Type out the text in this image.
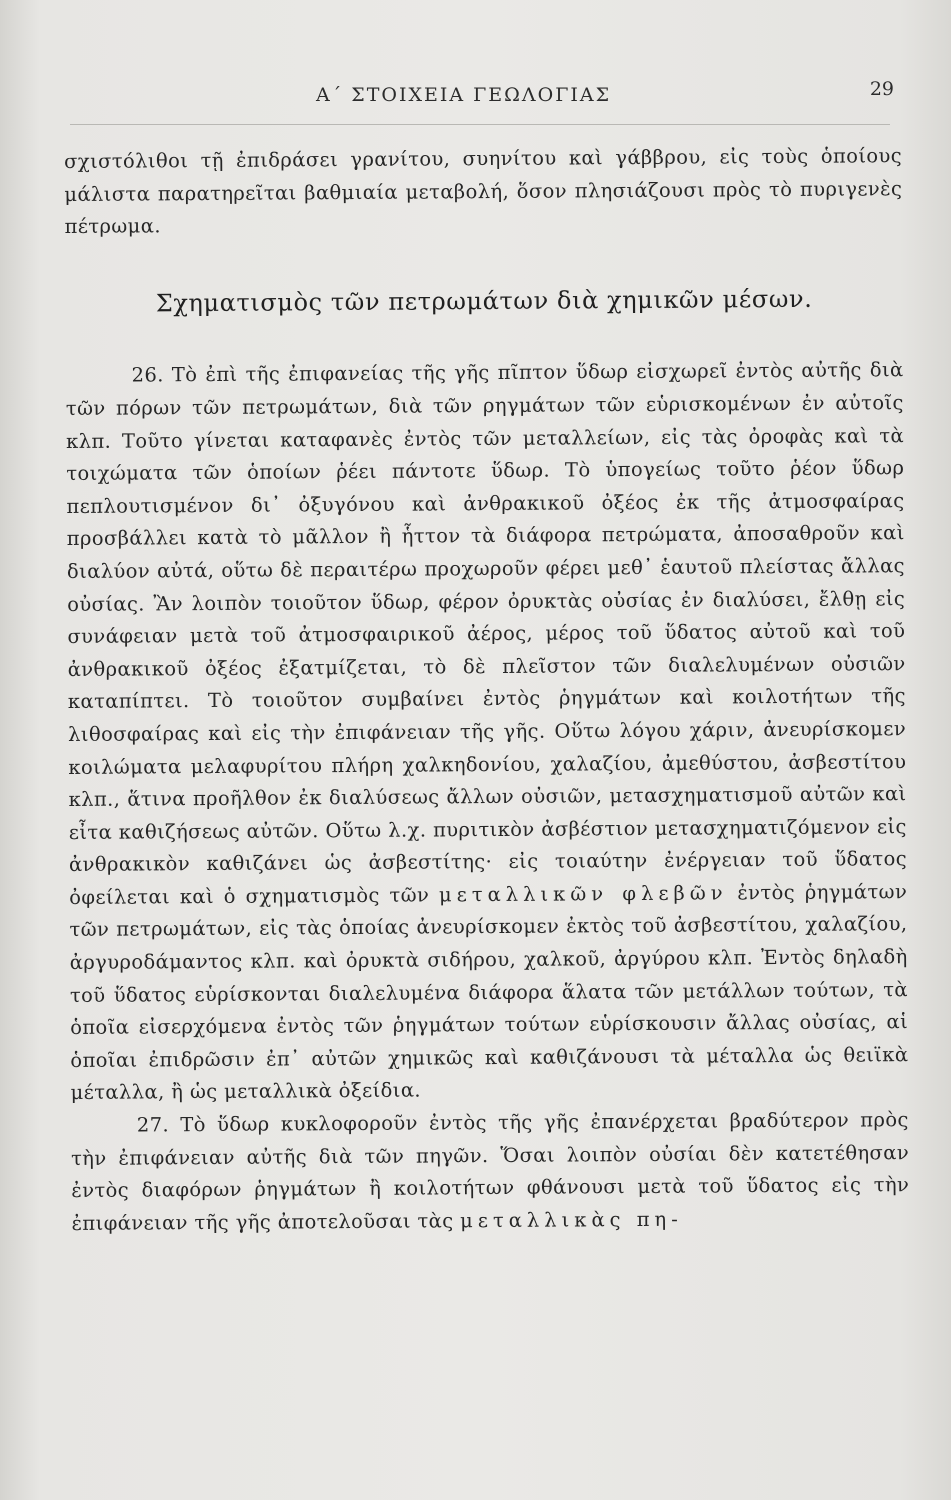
Α΄ ΣΤΟΙΧΕΙΑ ΓΕΩΛΟΓΙΑΣ	29

σχιστόλιθοι τῇ ἐπιδράσει γρανίτου, συηνίτου καὶ γάββρου, εἰς τοὺς ὁποίους μάλιστα παρατηρεῖται βαθμιαία μεταβολή, ὅσον πλησιάζουσι πρὸς τὸ πυριγενὲς πέτρωμα.

Σχηματισμὸς τῶν πετρωμάτων διὰ χημικῶν μέσων.

26. Τὸ ἐπὶ τῆς ἐπιφανείας τῆς γῆς πῖπτον ὕδωρ εἰσχωρεῖ ἐντὸς αὐτῆς διὰ τῶν πόρων τῶν πετρωμάτων, διὰ τῶν ρηγμάτων τῶν εὑρισκομένων ἐν αὐτοῖς κλπ. Τοῦτο γίνεται καταφανὲς ἐντὸς τῶν μεταλλείων, εἰς τὰς ὀροφὰς καὶ τὰ τοιχώματα τῶν ὁποίων ῥέει πάντοτε ὕδωρ. Τὸ ὑπογείως τοῦτο ῥέον ὕδωρ πεπλουτισμένον δι᾽ ὀξυγόνου καὶ ἀνθρακικοῦ ὀξέος ἐκ τῆς ἀτμοσφαίρας προσβάλλει κατὰ τὸ μᾶλλον ἢ ἧττον τὰ διάφορα πετρώματα, ἀποσαθροῦν καὶ διαλύον αὐτά, οὕτω δὲ περαιτέρω προχωροῦν φέρει μεθ᾽ ἑαυτοῦ πλείστας ἄλλας οὐσίας. Ἂν λοιπὸν τοιοῦτον ὕδωρ, φέρον ὀρυκτὰς οὐσίας ἐν διαλύσει, ἔλθῃ εἰς συνάφειαν μετὰ τοῦ ἀτμοσφαιρικοῦ ἀέρος, μέρος τοῦ ὕδατος αὐτοῦ καὶ τοῦ ἀνθρακικοῦ ὀξέος ἐξατμίζεται, τὸ δὲ πλεῖστον τῶν διαλελυμένων οὐσιῶν καταπίπτει. Τὸ τοιοῦτον συμβαίνει ἐντὸς ῥηγμάτων καὶ κοιλοτήτων τῆς λιθοσφαίρας καὶ εἰς τὴν ἐπιφάνειαν τῆς γῆς. Οὕτω λόγου χάριν, ἀνευρίσκομεν κοιλώματα μελαφυρίτου πλήρη χαλκηδονίου, χαλαζίου, ἀμεθύστου, ἀσβεστίτου κλπ., ἅτινα προῆλθον ἐκ διαλύσεως ἄλλων οὐσιῶν, μετασχηματισμοῦ αὐτῶν καὶ εἶτα καθιζήσεως αὐτῶν. Οὕτω λ.χ. πυριτικὸν ἀσβέστιον μετασχηματιζόμενον εἰς ἀνθρακικὸν καθιζάνει ὡς ἀσβεστίτης· εἰς τοιαύτην ἐνέργειαν τοῦ ὕδατος ὀφείλεται καὶ ὁ σχηματισμὸς τῶν μεταλλικῶν φλεβῶν ἐντὸς ῥηγμάτων τῶν πετρωμάτων, εἰς τὰς ὁποίας ἀνευρίσκομεν ἐκτὸς τοῦ ἀσβεστίτου, χαλαζίου, ἀργυροδάμαντος κλπ. καὶ ὀρυκτὰ σιδήρου, χαλκοῦ, ἀργύρου κλπ. Ἐντὸς δηλαδὴ τοῦ ὕδατος εὑρίσκονται διαλελυμένα διάφορα ἅλατα τῶν μετάλλων τούτων, τὰ ὁποῖα εἰσερχόμενα ἐντὸς τῶν ῥηγμάτων τούτων εὑρίσκουσιν ἄλλας οὐσίας, αἱ ὁποῖαι ἐπιδρῶσιν ἐπ᾽ αὐτῶν χημικῶς καὶ καθιζάνουσι τὰ μέταλλα ὡς θειϊκὰ μέταλλα, ἢ ὡς μεταλλικὰ ὀξείδια.

27. Τὸ ὕδωρ κυκλοφοροῦν ἐντὸς τῆς γῆς ἐπανέρχεται βραδύτερον πρὸς τὴν ἐπιφάνειαν αὐτῆς διὰ τῶν πηγῶν. Ὅσαι λοιπὸν οὐσίαι δὲν κατετέθησαν ἐντὸς διαφόρων ῥηγμάτων ἢ κοιλοτήτων φθάνουσι μετὰ τοῦ ὕδατος εἰς τὴν ἐπιφάνειαν τῆς γῆς ἀποτελοῦσαι τὰς μεταλλικὰς πη-
